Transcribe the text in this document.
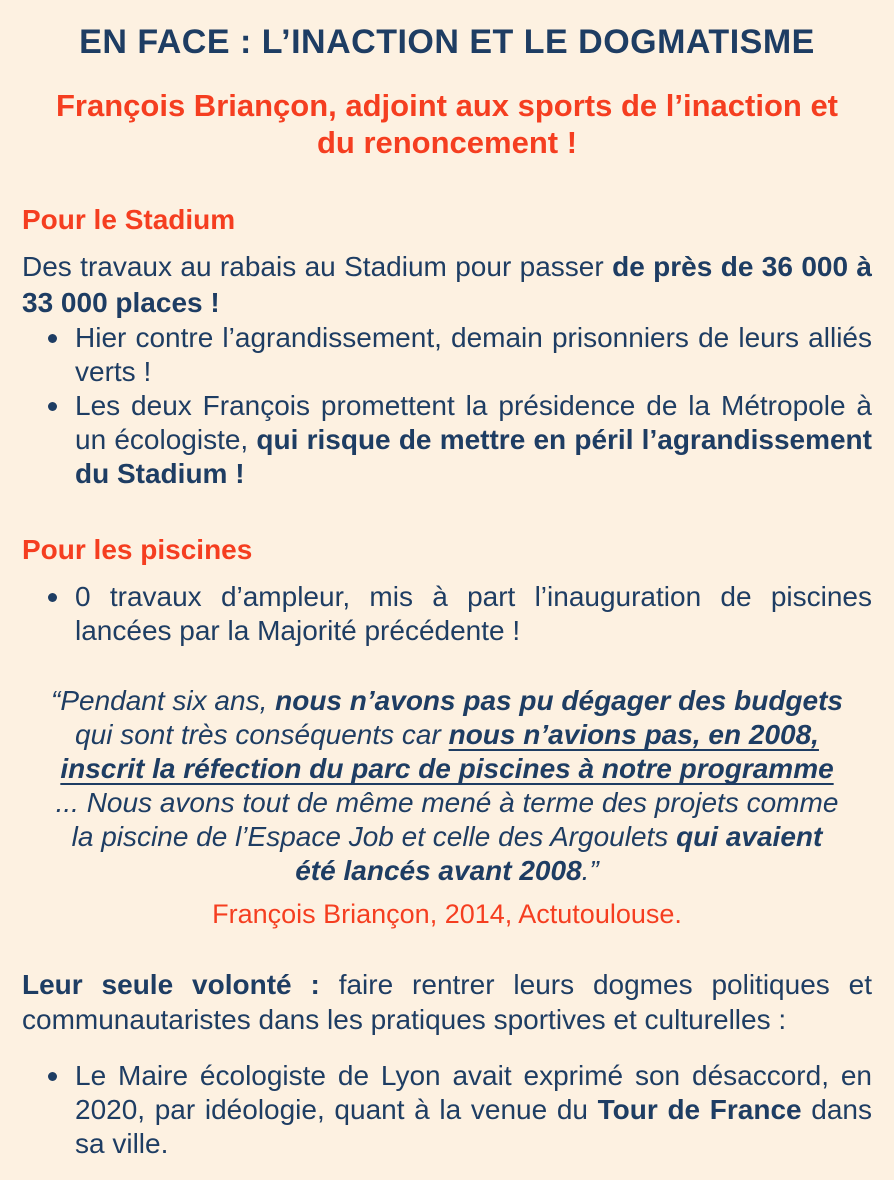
EN FACE : L’INACTION ET LE DOGMATISME
François Briançon, adjoint aux sports de l’inaction et du renoncement !
Pour le Stadium

Des travaux au rabais au Stadium pour passer de près de 36 000 à 33 000 places !

Hier contre l’agrandissement, demain prisonniers de leurs alliés verts !
Les deux François promettent la présidence de la Métropole à un écologiste, qui risque de mettre en péril l’agrandissement du Stadium !
Pour les piscines
0 travaux d’ampleur, mis à part l’inauguration de piscines lancées par la Majorité précédente !
“Pendant six ans, nous n’avons pas pu dégager des budgets qui sont très conséquents car nous n’avions pas, en 2008, inscrit la réfection du parc de piscines à notre programme ... Nous avons tout de même mené à terme des projets comme la piscine de l’Espace Job et celle des Argoulets qui avaient été lancés avant 2008.”

François Briançon, 2014, Actutoulouse.

Leur seule volonté : faire rentrer leurs dogmes politiques et communautaristes dans les pratiques sportives et culturelles :

Le Maire écologiste de Lyon avait exprimé son désaccord, en 2020, par idéologie, quant à la venue du Tour de France dans sa ville.
